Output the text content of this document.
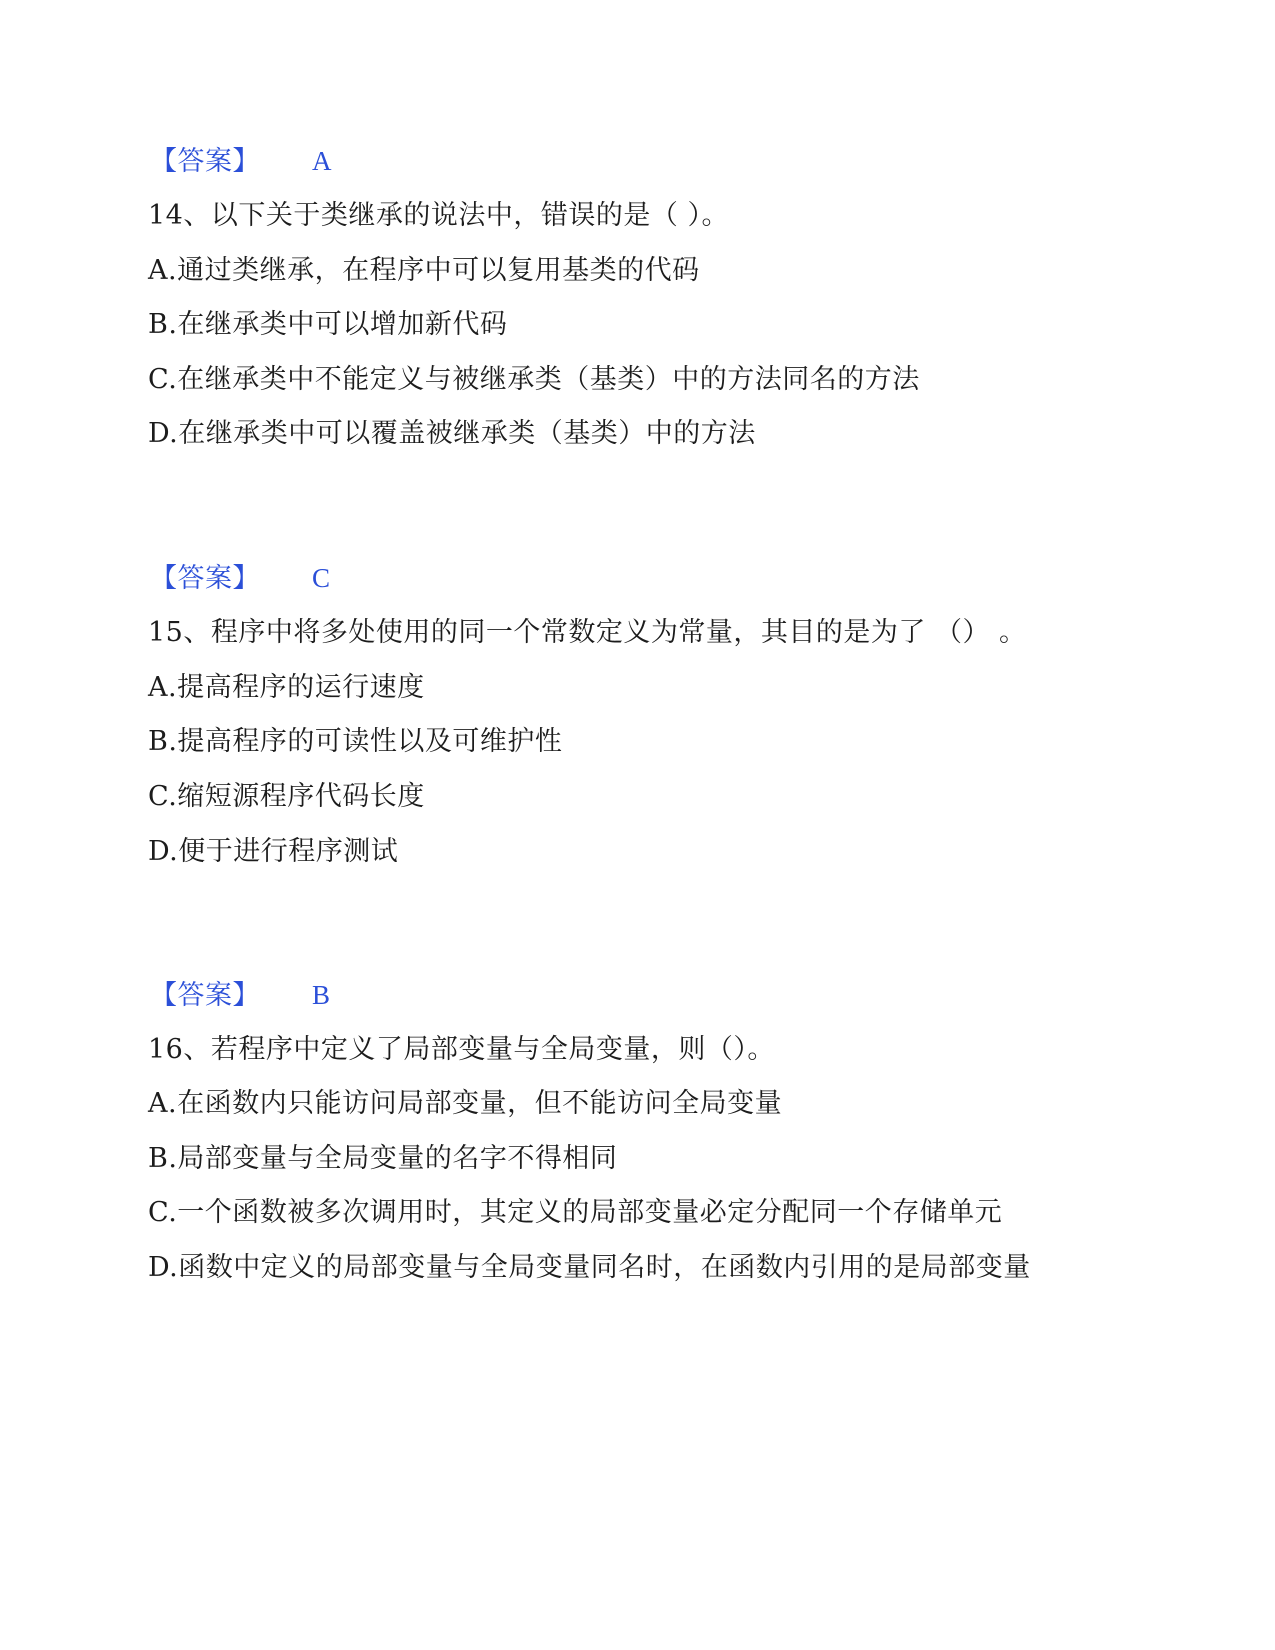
【答案】 A
14、以下关于类继承的说法中，错误的是（ ）。
A.通过类继承，在程序中可以复用基类的代码
B.在继承类中可以增加新代码
C.在继承类中不能定义与被继承类（基类）中的方法同名的方法
D.在继承类中可以覆盖被继承类（基类）中的方法
【答案】 C
15、程序中将多处使用的同一个常数定义为常量，其目的是为了 （） 。
A.提高程序的运行速度
B.提高程序的可读性以及可维护性
C.缩短源程序代码长度
D.便于进行程序测试
【答案】 B
16、若程序中定义了局部变量与全局变量，则（）。
A.在函数内只能访问局部变量，但不能访问全局变量
B.局部变量与全局变量的名字不得相同
C.一个函数被多次调用时，其定义的局部变量必定分配同一个存储单元
D.函数中定义的局部变量与全局变量同名时，在函数内引用的是局部变量
